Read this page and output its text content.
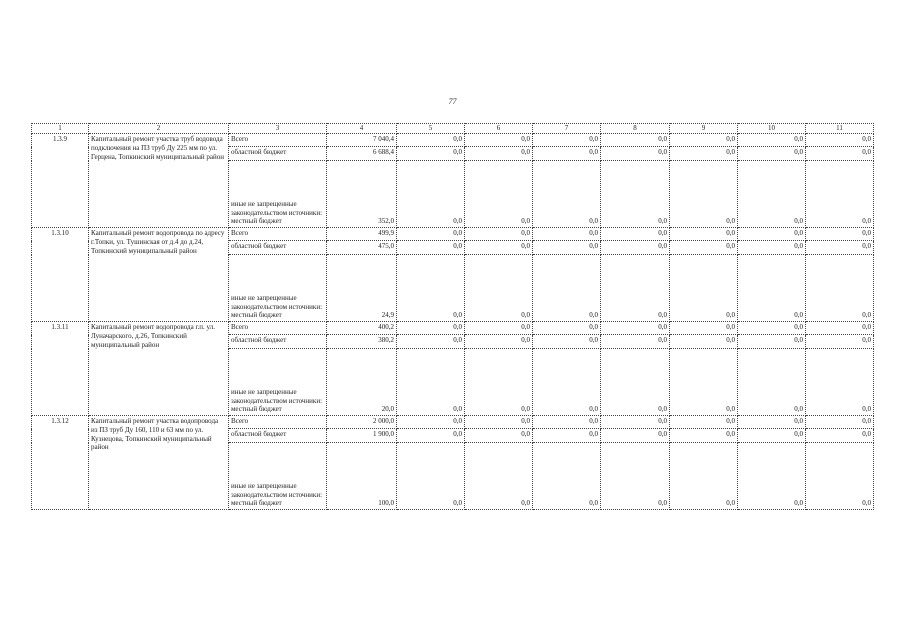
77
1	2	3	4	5	6	7	8	9	10	11
1.3.9	Капитальный ремонт участка труб водовода подключения на ПЗ труб Ду 225 мм по ул. Герцена, Топкинский муниципальный район	Всего	7 040,4	0,0	0,0	0,0	0,0	0,0	0,0	0,0
		областной бюджет	6 688,4	0,0	0,0	0,0	0,0	0,0	0,0	0,0
		иные не запрещенные законодательством источники: местный бюджет	352,0	0,0	0,0	0,0	0,0	0,0	0,0	0,0
1.3.10	Капитальный ремонт водопровода по адресу г.Топки, ул. Тушинская от д.4 до д.24, Топкинский муниципальный район	Всего	499,9	0,0	0,0	0,0	0,0	0,0	0,0	0,0
		областной бюджет	475,0	0,0	0,0	0,0	0,0	0,0	0,0	0,0
		иные не запрещенные законодательством источники: местный бюджет	24,9	0,0	0,0	0,0	0,0	0,0	0,0	0,0
1.3.11	Капитальный ремонт водопровода г.п. ул. Луначарского, д.26, Топкинский муниципальный район	Всего	400,2	0,0	0,0	0,0	0,0	0,0	0,0	0,0
		областной бюджет	380,2	0,0	0,0	0,0	0,0	0,0	0,0	0,0
		иные не запрещенные законодательством источники: местный бюджет	20,0	0,0	0,0	0,0	0,0	0,0	0,0	0,0
1.3.12	Капитальный ремонт участка водопровода из ПЗ труб Ду 160, 110 и 63 мм по ул. Кузнецова, Топкинский муниципальный район	Всего	2 000,0	0,0	0,0	0,0	0,0	0,0	0,0	0,0
		областной бюджет	1 900,0	0,0	0,0	0,0	0,0	0,0	0,0	0,0
		иные не запрещенные законодательством источники: местный бюджет	100,0	0,0	0,0	0,0	0,0	0,0	0,0	0,0
